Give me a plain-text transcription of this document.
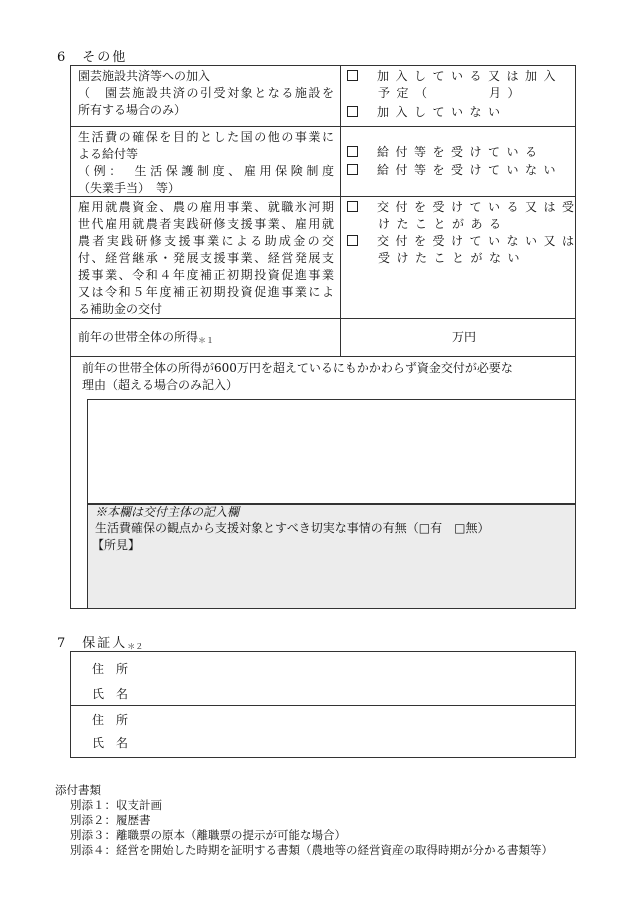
6　その他
園芸施設共済等への加入

（　園芸施設共済の引受対象となる施設を
所有する場合のみ）
加入している又は加入
予定（　　　月）
加入していない
生活費の確保を目的とした国の他の事業に
よる給付等

（例：　生活保護制度、雇用保険制度
（失業手当）　等）
給付等を受けている
給付等を受けていない
雇用就農資金、農の雇用事業、就職氷河期
世代雇用就農者実践研修支援事業、雇用就
農者実践研修支援事業による助成金の交
付、経営継承・発展支援事業、経営発展支
援事業、令和４年度補正初期投資促進事業
又は令和５年度補正初期投資促進事業によ
る補助金の交付
交付を受けている又は受
けたことがある
交付を受けていない又は
受けたことがない
前年の世帯全体の所得$_{*1}$	万円
前年の世帯全体の所得が600万円を超えているにもかかわらず資金交付が必要な
理由（超える場合のみ記入）
※本欄は交付主体の記入欄
生活費確保の観点から支援対象とすべき切実な事情の有無（□有　□無）
【所見】
7　保証人$_{*2}$
住　所
氏　名
住　所
氏　名
添付書類
別添１：収支計画
別添２：履歴書
別添３：離職票の原本（離職票の提示が可能な場合）
別添４：経営を開始した時期を証明する書類（農地等の経営資産の取得時期が分かる書類等）
